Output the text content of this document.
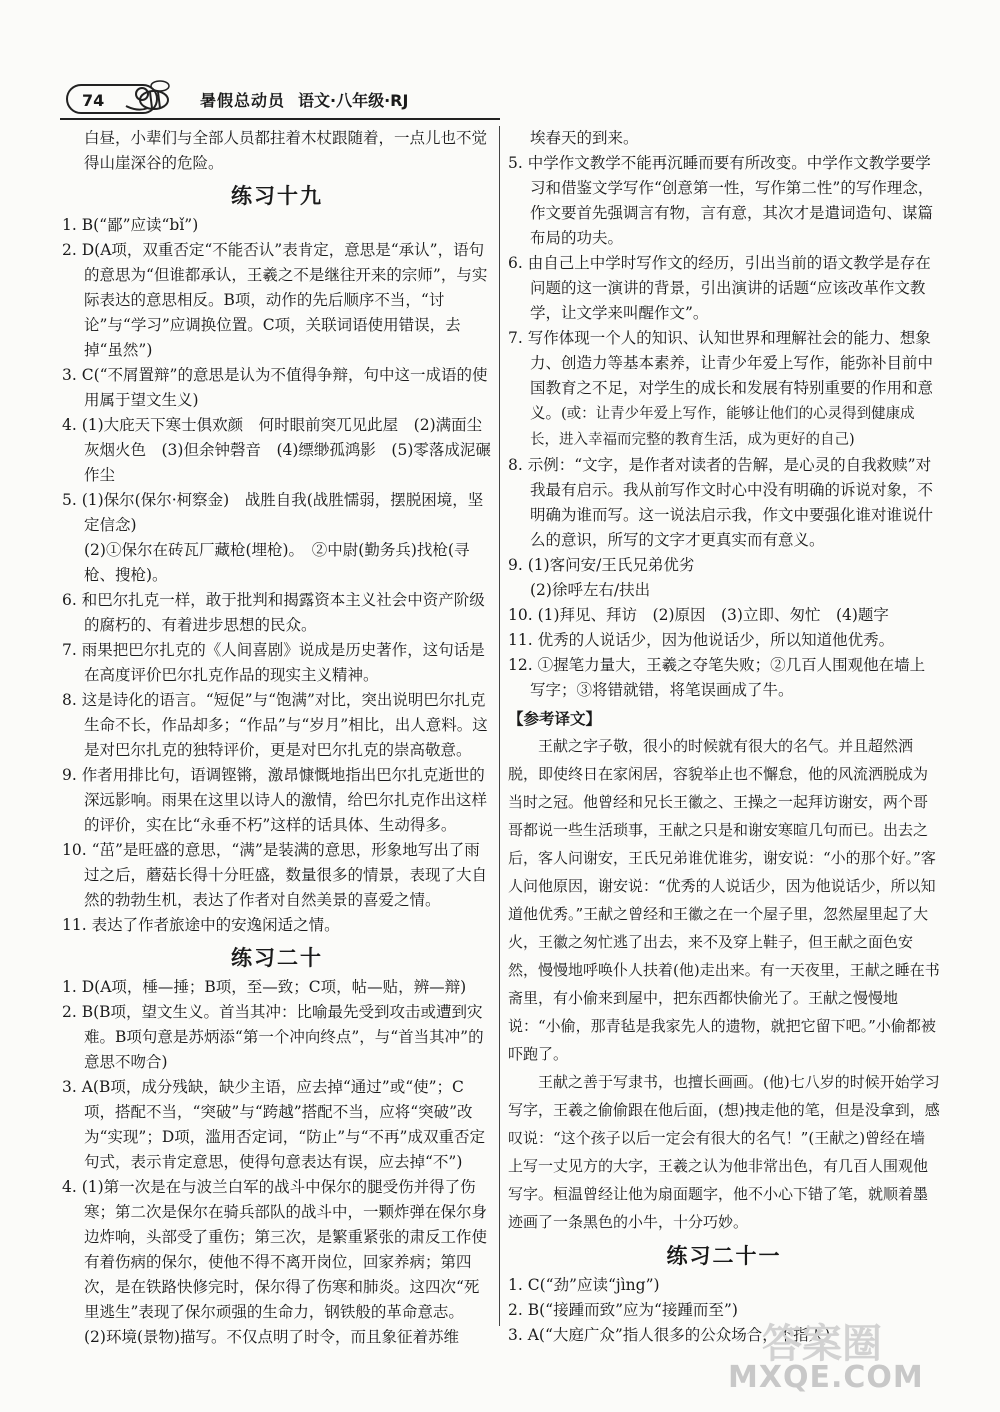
74	暑假总动员 语文·八年级·RJ

白昼，小辈们与全部人员都拄着木杖跟随着，一点儿也不觉得山崖深谷的危险。

练习十九

1. B(“鄙”应读“bǐ”)

2. D(A项，双重否定“不能否认”表肯定，意思是“承认”，语句的意思为“但谁都承认，王羲之不是继往开来的宗师”，与实际表达的意思相反。B项，动作的先后顺序不当，“讨论”与“学习”应调换位置。C项，关联词语使用错误，去掉“虽然”)

3. C(“不屑置辩”的意思是认为不值得争辩，句中这一成语的使用属于望文生义)

4. (1)大庇天下寒士俱欢颜　何时眼前突兀见此屋　(2)满面尘灰烟火色　(3)但余钟磬音　(4)缥缈孤鸿影　(5)零落成泥碾作尘

5. (1)保尔(保尔·柯察金)　战胜自我(战胜懦弱，摆脱困境，坚定信念)

(2)①保尔在砖瓦厂藏枪(埋枪)。　②中尉(勤务兵)找枪(寻枪、搜枪)。

6. 和巴尔扎克一样，敢于批判和揭露资本主义社会中资产阶级的腐朽的、有着进步思想的民众。

7. 雨果把巴尔扎克的《人间喜剧》说成是历史著作，这句话是在高度评价巴尔扎克作品的现实主义精神。

8. 这是诗化的语言。“短促”与“饱满”对比，突出说明巴尔扎克生命不长，作品却多；“作品”与“岁月”相比，出人意料。这是对巴尔扎克的独特评价，更是对巴尔扎克的崇高敬意。

9. 作者用排比句，语调铿锵，激昂慷慨地指出巴尔扎克逝世的深远影响。雨果在这里以诗人的激情，给巴尔扎克作出这样的评价，实在比“永垂不朽”这样的话具体、生动得多。

10. “茁”是旺盛的意思，“满”是装满的意思，形象地写出了雨过之后，蘑菇长得十分旺盛，数量很多的情景，表现了大自然的勃勃生机，表达了作者对自然美景的喜爱之情。

11. 表达了作者旅途中的安逸闲适之情。

练习二十

1. D(A项，棰—捶；B项，至—致；C项，帖—贴，辨—辩)

2. B(B项，望文生义。首当其冲：比喻最先受到攻击或遭到灾难。B项句意是苏炳添“第一个冲向终点”，与“首当其冲”的意思不吻合)

3. A(B项，成分残缺，缺少主语，应去掉“通过”或“使”；C项，搭配不当，“突破”与“跨越”搭配不当，应将“突破”改为“实现”；D项，滥用否定词，“防止”与“不再”成双重否定句式，表示肯定意思，使得句意表达有误，应去掉“不”)

4. (1)第一次是在与波兰白军的战斗中保尔的腿受伤并得了伤寒；第二次是保尔在骑兵部队的战斗中，一颗炸弹在保尔身边炸响，头部受了重伤；第三次，是繁重紧张的肃反工作使有着伤病的保尔，使他不得不离开岗位，回家养病；第四次，是在铁路快修完时，保尔得了伤寒和肺炎。这四次“死里逃生”表现了保尔顽强的生命力，钢铁般的革命意志。

(2)环境(景物)描写。不仅点明了时令，而且象征着苏维

埃春天的到来。

5. 中学作文教学不能再沉睡而要有所改变。中学作文教学要学习和借鉴文学写作“创意第一性，写作第二性”的写作理念，作文要首先强调言有物，言有意，其次才是遣词造句、谋篇布局的功夫。

6. 由自己上中学时写作文的经历，引出当前的语文教学是存在问题的这一演讲的背景，引出演讲的话题“应该改革作文教学，让文学来叫醒作文”。

7. 写作体现一个人的知识、认知世界和理解社会的能力、想象力、创造力等基本素养，让青少年爱上写作，能弥补目前中国教育之不足，对学生的成长和发展有特别重要的作用和意义。(或：让青少年爱上写作，能够让他们的心灵得到健康成长，进入幸福而完整的教育生活，成为更好的自己)

8. 示例：“文字，是作者对读者的告解，是心灵的自我救赎”对我最有启示。我从前写作文时心中没有明确的诉说对象，不明确为谁而写。这一说法启示我，作文中要强化谁对谁说什么的意识，所写的文字才更真实而有意义。

9. (1)客问安/王氏兄弟优劣

(2)徐呼左右/扶出

10. (1)拜见、拜访　(2)原因　(3)立即、匆忙　(4)题字

11. 优秀的人说话少，因为他说话少，所以知道他优秀。

12. ①握笔力量大，王羲之夺笔失败；②几百人围观他在墙上写字；③将错就错，将笔误画成了牛。

【参考译文】

王献之字子敬，很小的时候就有很大的名气。并且超然洒脱，即使终日在家闲居，容貌举止也不懈怠，他的风流洒脱成为当时之冠。他曾经和兄长王徽之、王操之一起拜访谢安，两个哥哥都说一些生活琐事，王献之只是和谢安寒暄几句而已。出去之后，客人问谢安，王氏兄弟谁优谁劣，谢安说：“小的那个好。”客人问他原因，谢安说：“优秀的人说话少，因为他说话少，所以知道他优秀。”王献之曾经和王徽之在一个屋子里，忽然屋里起了大火，王徽之匆忙逃了出去，来不及穿上鞋子，但王献之面色安然，慢慢地呼唤仆人扶着(他)走出来。有一天夜里，王献之睡在书斋里，有小偷来到屋中，把东西都快偷光了。王献之慢慢地说：“小偷，那青毡是我家先人的遗物，就把它留下吧。”小偷都被吓跑了。

王献之善于写隶书，也擅长画画。(他)七八岁的时候开始学习写字，王羲之偷偷跟在他后面，(想)拽走他的笔，但是没拿到，感叹说：“这个孩子以后一定会有很大的名气！”(王献之)曾经在墙上写一丈见方的大字，王羲之认为他非常出色，有几百人围观他写字。桓温曾经让他为扇面题字，他不小心下错了笔，就顺着墨迹画了一条黑色的小牛，十分巧妙。

练习二十一

1. C(“劲”应读“jìng”)

2. B(“接踵而致”应为“接踵而至”)

3. A(“大庭广众”指人很多的公众场合，不指人)

答案圈
MXQE.COM
